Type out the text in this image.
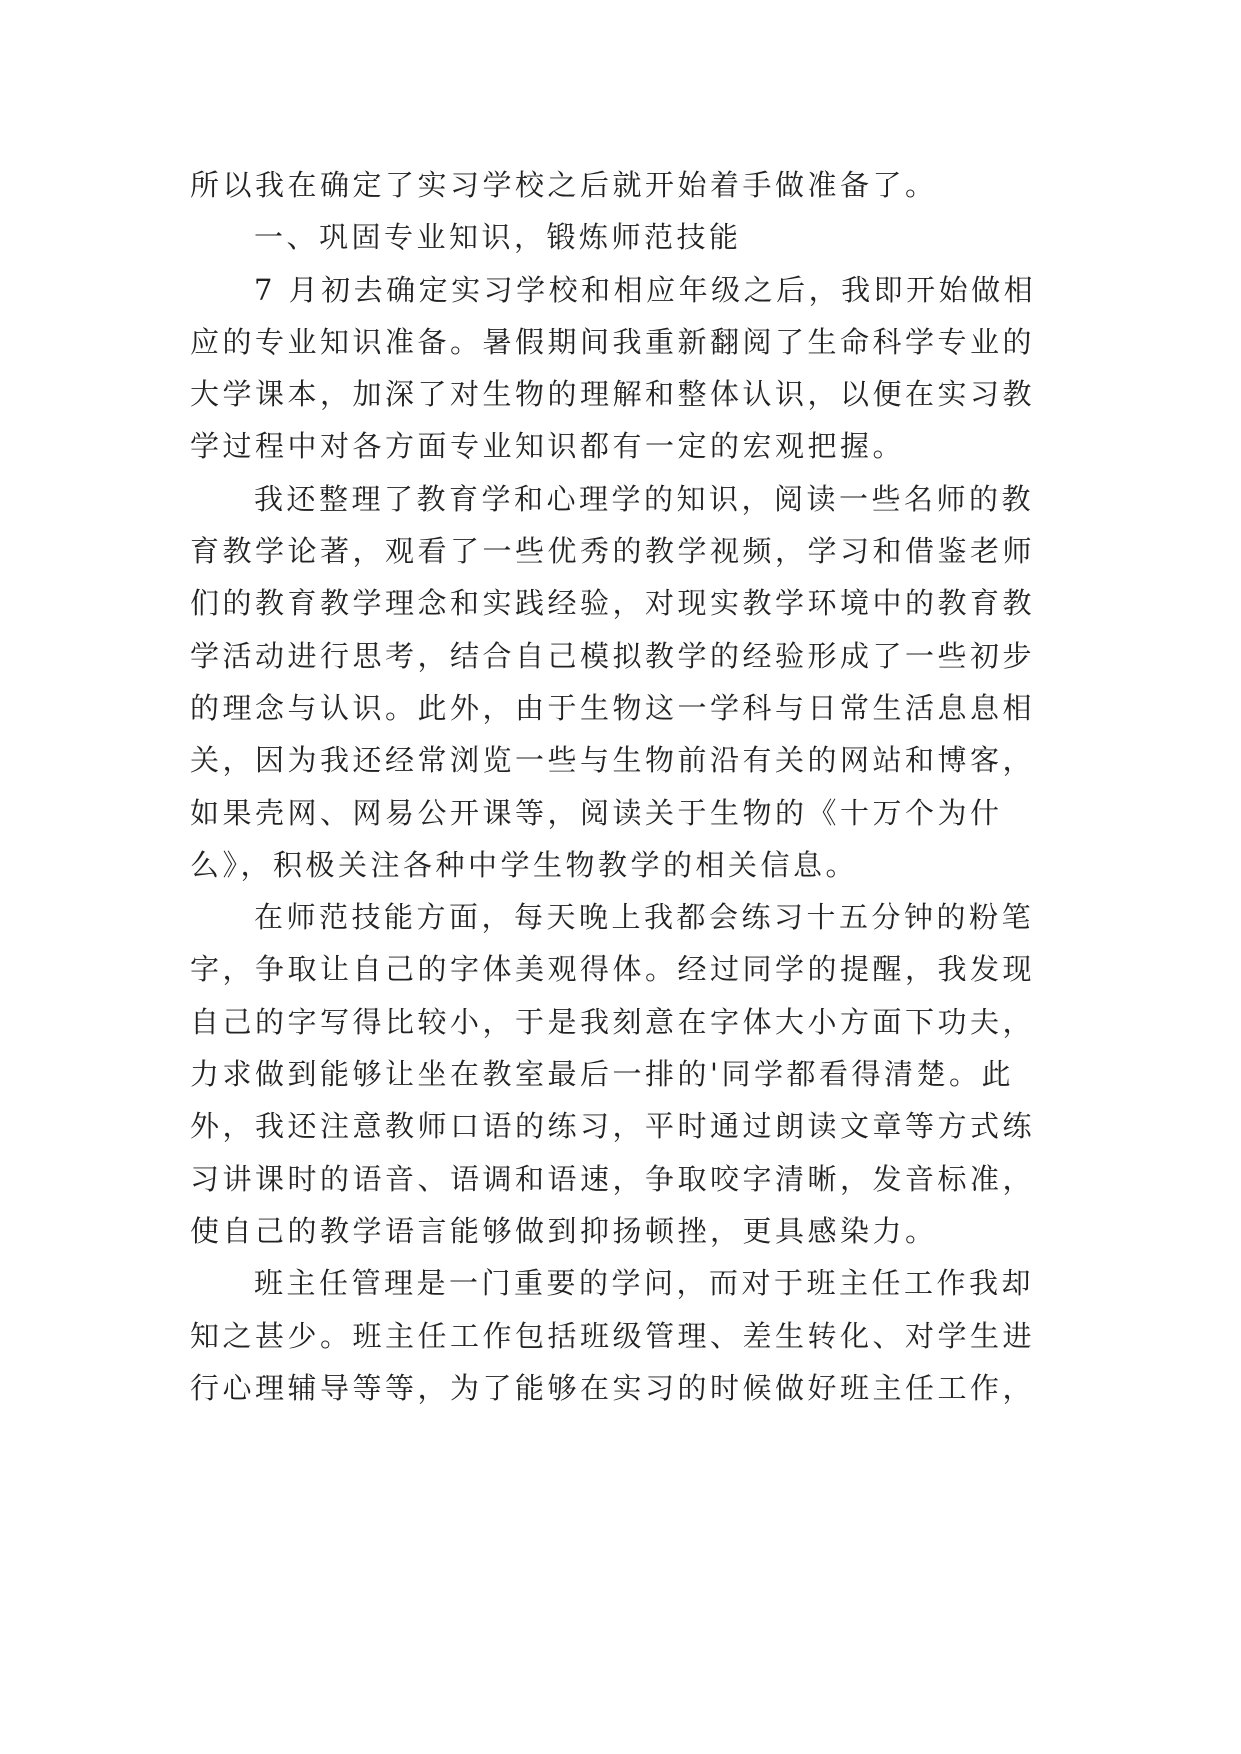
所以我在确定了实习学校之后就开始着手做准备了。
一、巩固专业知识，锻炼师范技能
7 月初去确定实习学校和相应年级之后，我即开始做相
应的专业知识准备。暑假期间我重新翻阅了生命科学专业的
大学课本，加深了对生物的理解和整体认识，以便在实习教
学过程中对各方面专业知识都有一定的宏观把握。
我还整理了教育学和心理学的知识，阅读一些名师的教
育教学论著，观看了一些优秀的教学视频，学习和借鉴老师
们的教育教学理念和实践经验，对现实教学环境中的教育教
学活动进行思考，结合自己模拟教学的经验形成了一些初步
的理念与认识。此外，由于生物这一学科与日常生活息息相
关，因为我还经常浏览一些与生物前沿有关的网站和博客，
如果壳网、网易公开课等，阅读关于生物的《十万个为什
么》，积极关注各种中学生物教学的相关信息。
在师范技能方面，每天晚上我都会练习十五分钟的粉笔
字，争取让自己的字体美观得体。经过同学的提醒，我发现
自己的字写得比较小，于是我刻意在字体大小方面下功夫，
力求做到能够让坐在教室最后一排的'同学都看得清楚。此
外，我还注意教师口语的练习，平时通过朗读文章等方式练
习讲课时的语音、语调和语速，争取咬字清晰，发音标准，
使自己的教学语言能够做到抑扬顿挫，更具感染力。
班主任管理是一门重要的学问，而对于班主任工作我却
知之甚少。班主任工作包括班级管理、差生转化、对学生进
行心理辅导等等，为了能够在实习的时候做好班主任工作，
